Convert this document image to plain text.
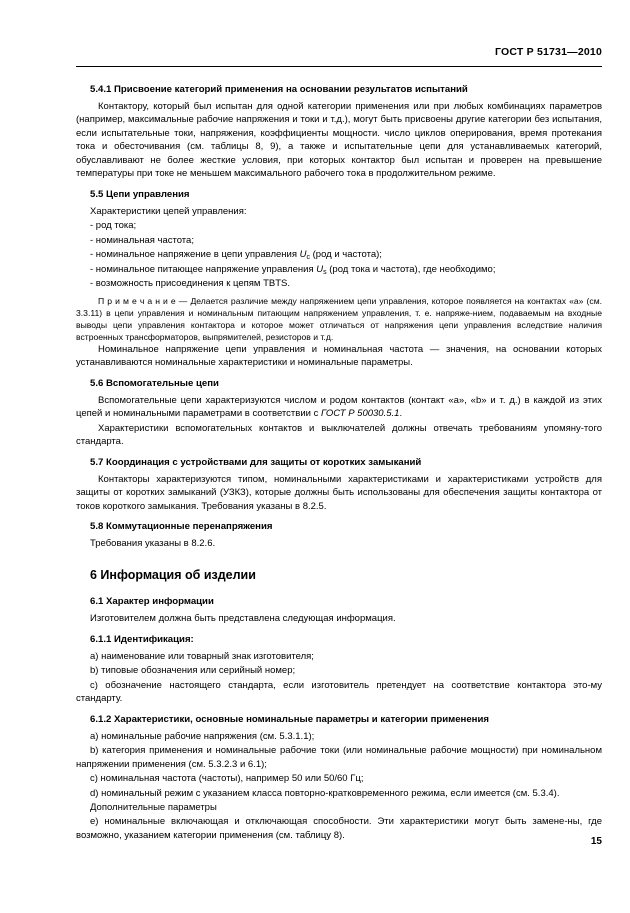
ГОСТ Р 51731—2010
5.4.1 Присвоение категорий применения на основании результатов испытаний

Контактору, который был испытан для одной категории применения или при любых комбинациях параметров (например, максимальные рабочие напряжения и токи и т.д.), могут быть присвоены другие категории без испытания, если испытательные токи, напряжения, коэффициенты мощности. число циклов оперирования, время протекания тока и обесточивания (см. таблицы 8, 9), а также и испытательные цепи для устанавливаемых категорий, обуславливают не более жесткие условия, при которых контактор был испытан и проверен на превышение температуры при токе не меньшем максимального рабочего тока в продолжительном режиме.

5.5 Цепи управления

Характеристики цепей управления:

- род тока;

- номинальная частота;

- номинальное напряжение в цепи управления $U_c$ (род и частота);

- номинальное питающее напряжение управления $U_s$ (род тока и частота), где необходимо;

- возможность присоединения к цепям TBTS.

П р и м е ч а н и е — Делается различие между напряжением цепи управления, которое появляется на контактах «а» (см. 3.3.11) в цепи управления и номинальным питающим напряжением управления, т. е. напряже-нием, подаваемым на входные выводы цепи управления контактора и которое может отличаться от напряжения цепи управления вследствие наличия встроенных трансформаторов, выпрямителей, резисторов и т.д.

Номинальное напряжение цепи управления и номинальная частота — значения, на основании которых устанавливаются номинальные характеристики и номинальные параметры.

5.6 Вспомогательные цепи

Вспомогательные цепи характеризуются числом и родом контактов (контакт «а», «b» и т. д.) в каждой из этих цепей и номинальными параметрами в соответствии с ГОСТ Р 50030.5.1.

Характеристики вспомогательных контактов и выключателей должны отвечать требованиям упомяну-того стандарта.

5.7 Координация с устройствами для защиты от коротких замыканий

Контакторы характеризуются типом, номинальными характеристиками и характеристиками устройств для защиты от коротких замыканий (УЗКЗ), которые должны быть использованы для обеспечения защиты контактора от токов короткого замыкания. Требования указаны в 8.2.5.

5.8 Коммутационные перенапряжения

Требования указаны в 8.2.6.

6 Информация об изделии
6.1 Характер информации

Изготовителем должна быть представлена следующая информация.

6.1.1 Идентификация:

a) наименование или товарный знак изготовителя;

b) типовые обозначения или серийный номер;

c) обозначение настоящего стандарта, если изготовитель претендует на соответствие контактора это-му стандарту.

6.1.2 Характеристики, основные номинальные параметры и категории применения

a) номинальные рабочие напряжения (см. 5.3.1.1);

b) категория применения и номинальные рабочие токи (или номинальные рабочие мощности) при номинальном напряжении применения (см. 5.3.2.3 и 6.1);

c) номинальная частота (частоты), например 50 или 50/60 Гц;

d) номинальный режим с указанием класса повторно-кратковременного режима, если имеется (см. 5.3.4).

Дополнительные параметры

e) номинальные включающая и отключающая способности. Эти характеристики могут быть замене-ны, где возможно, указанием категории применения (см. таблицу 8).

15
